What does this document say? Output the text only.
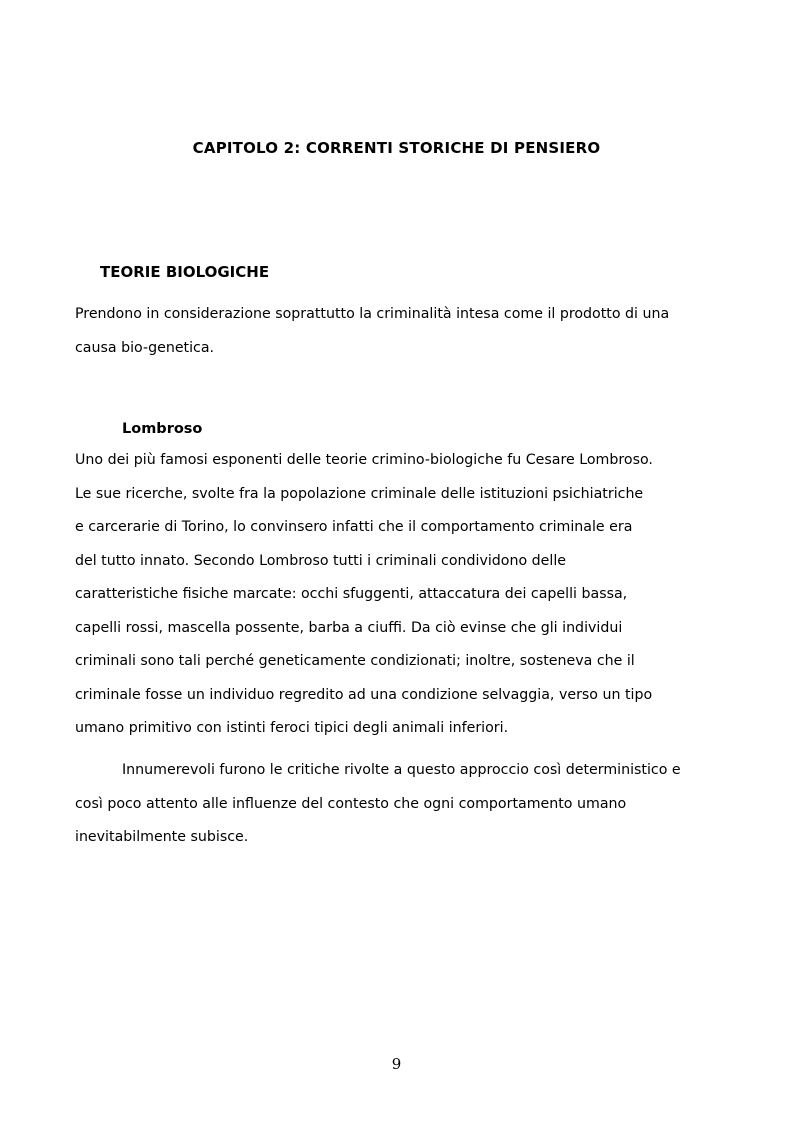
CAPITOLO 2: CORRENTI STORICHE DI PENSIERO
TEORIE BIOLOGICHE

Prendono in considerazione soprattutto la criminalità intesa come il prodotto di una
causa bio-genetica.

Lombroso

Uno dei più famosi esponenti delle teorie crimino-biologiche fu Cesare Lombroso.
Le sue ricerche, svolte fra la popolazione criminale delle istituzioni psichiatriche
e carcerarie di Torino, lo convinsero infatti che il comportamento criminale era
del tutto innato. Secondo Lombroso tutti i criminali condividono delle
caratteristiche fisiche marcate: occhi sfuggenti, attaccatura dei capelli bassa,
capelli rossi, mascella possente, barba a ciuffi. Da ciò evinse che gli individui
criminali sono tali perché geneticamente condizionati; inoltre, sosteneva che il
criminale fosse un individuo regredito ad una condizione selvaggia, verso un tipo
umano primitivo con istinti feroci tipici degli animali inferiori.

Innumerevoli furono le critiche rivolte a questo approccio così deterministico e
così poco attento alle influenze del contesto che ogni comportamento umano
inevitabilmente subisce.

9
